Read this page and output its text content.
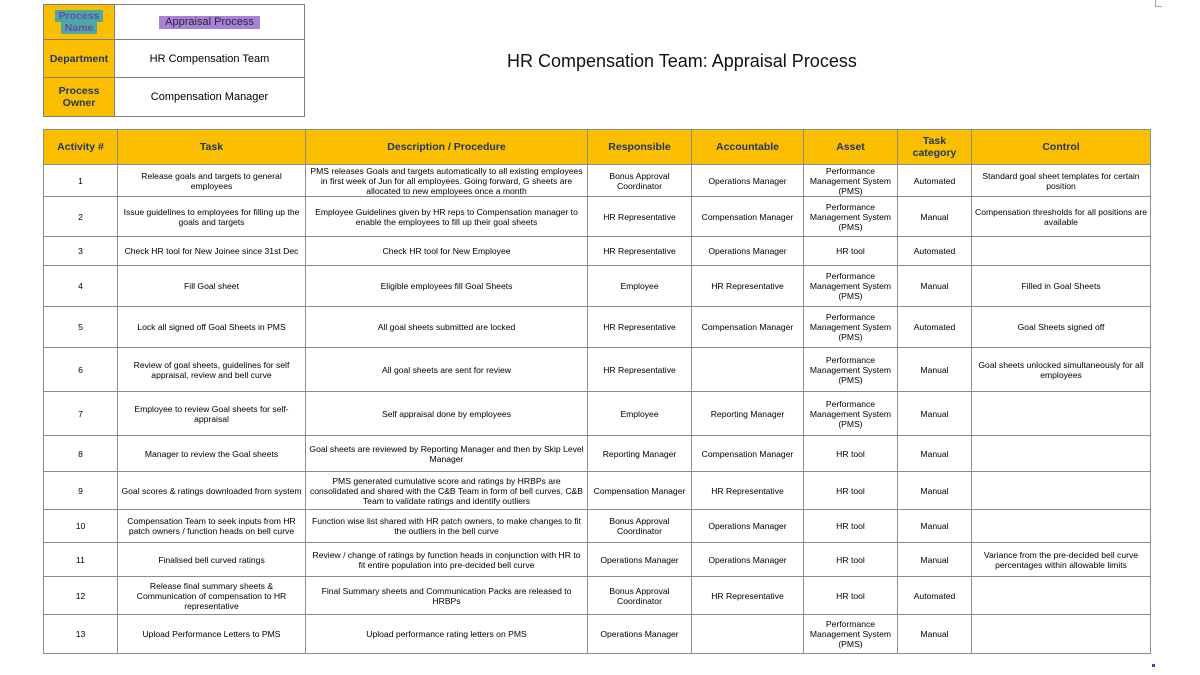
Process
Name	Appraisal Process
Department	HR Compensation Team
Process
Owner	Compensation Manager
HR Compensation Team: Appraisal Process
Activity #	Task	Description / Procedure	Responsible	Accountable	Asset	Task category	Control
1	Release goals and targets to general employees	PMS releases Goals and targets automatically to all existing employees in first week of Jun for all employees. Going forward, G sheets are allocated to new employees once a month	Bonus Approval Coordinator	Operations Manager	Performance Management System (PMS)	Automated	Standard goal sheet templates for certain position
2	Issue guidelines to employees for filling up the goals and targets	Employee Guidelines given by HR reps to Compensation manager to enable the employees to fill up their goal sheets	HR Representative	Compensation Manager	Performance Management System (PMS)	Manual	Compensation thresholds for all positions are available
3	Check HR tool for New Joinee since 31st Dec	Check HR tool for New Employee	HR Representative	Operations Manager	HR tool	Automated	
4	Fill Goal sheet	Eligible employees fill Goal Sheets	Employee	HR Representative	Performance Management System (PMS)	Manual	Filled in Goal Sheets
5	Lock all signed off Goal Sheets in PMS	All goal sheets submitted are locked	HR Representative	Compensation Manager	Performance Management System (PMS)	Automated	Goal Sheets signed off
6	Review of goal sheets, guidelines for self appraisal, review and bell curve	All goal sheets are sent for review	HR Representative		Performance Management System (PMS)	Manual	Goal sheets unlocked simultaneously for all employees
7	Employee to review Goal sheets for self-appraisal	Self appraisal done by employees	Employee	Reporting Manager	Performance Management System (PMS)	Manual	
8	Manager to review the Goal sheets	Goal sheets are reviewed by Reporting Manager and then by Skip Level Manager	Reporting Manager	Compensation Manager	HR tool	Manual	
9	Goal scores & ratings downloaded from system	PMS generated cumulative score and ratings by HRBPs are consolidated and shared with the C&B Team in form of bell curves, C&B Team to validate ratings and identify outliers	Compensation Manager	HR Representative	HR tool	Manual	
10	Compensation Team to seek inputs from HR patch owners / function heads on bell curve	Function wise list shared with HR patch owners, to make changes to fit the outliers in the bell curve	Bonus Approval Coordinator	Operations Manager	HR tool	Manual	
11	Finalised bell curved ratings	Review / change of ratings by function heads in conjunction with HR to fit entire population into pre-decided bell curve	Operations Manager	Operations Manager	HR tool	Manual	Variance from the pre-decided bell curve percentages within allowable limits
12	Release final summary sheets & Communication of compensation to HR representative	Final Summary sheets and Communication Packs are released to HRBPs	Bonus Approval Coordinator	HR Representative	HR tool	Automated	
13	Upload Performance Letters to PMS	Upload performance rating letters on PMS	Operations Manager		Performance Management System (PMS)	Manual	
